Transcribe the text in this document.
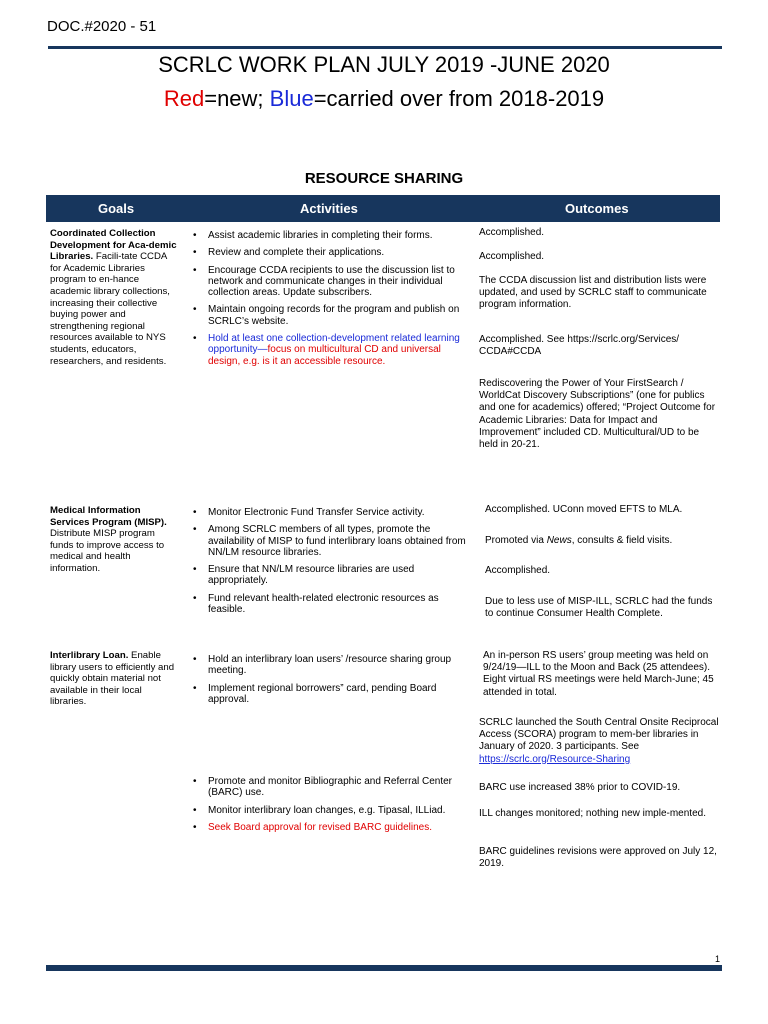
DOC.#2020 - 51
SCRLC WORK PLAN JULY 2019 -JUNE 2020
Red=new; Blue=carried over from 2018-2019
RESOURCE SHARING
Goals	Activities	Outcomes
Coordinated Collection Development for Aca-demic Libraries. Facili-tate CCDA for Academic Libraries program to en-hance academic library collections, increasing their collective buying power and strengthening regional resources available to NYS students, educators, researchers, and residents.
• Assist academic libraries in completing their forms.
• Review and complete their applications.
• Encourage CCDA recipients to use the discussion list to network and communicate changes in their individual collection areas. Update subscribers.
• Maintain ongoing records for the program and publish on SCRLC’s website.
• Hold at least one collection-development related learning opportunity—focus on multicultural CD and universal design, e.g. is it an accessible resource.
Accomplished.
Accomplished.
The CCDA discussion list and distribution lists were updated, and used by SCRLC staff to communicate program information.
Accomplished. See https://scrlc.org/Services/ CCDA#CCDA
Rediscovering the Power of Your FirstSearch / WorldCat Discovery Subscriptions” (one for publics and one for academics) offered; “Project Outcome for Academic Libraries: Data for Impact and Improvement” included CD. Multicultural/UD to be held in 20-21.
Medical Information Services Program (MISP). Distribute MISP program funds to improve access to medical and health information.
• Monitor Electronic Fund Transfer Service activity.
• Among SCRLC members of all types, promote the availability of MISP to fund interlibrary loans obtained from NN/LM resource libraries.
• Ensure that NN/LM resource libraries are used appropriately.
• Fund relevant health-related electronic resources as feasible.
Accomplished. UConn moved EFTS to MLA.
Promoted via News, consults & field visits.
Accomplished.
Due to less use of MISP-ILL, SCRLC had the funds to continue Consumer Health Complete.
Interlibrary Loan. Enable library users to efficiently and quickly obtain material not available in their local libraries.
• Hold an interlibrary loan users’ /resource sharing group meeting.
• Implement regional borrowers” card, pending Board approval.
• Promote and monitor Bibliographic and Referral Center (BARC) use.
• Monitor interlibrary loan changes, e.g. Tipasal, ILLiad.
• Seek Board approval for revised BARC guidelines.
An in-person RS users’ group meeting was held on 9/24/19—ILL to the Moon and Back (25 attendees). Eight virtual RS meetings were held March-June; 45 attended in total.
SCRLC launched the South Central Onsite Reciprocal Access (SCORA) program to mem-ber libraries in January of 2020. 3 participants. See https://scrlc.org/Resource-Sharing
BARC use increased 38% prior to COVID-19.
ILL changes monitored; nothing new imple-mented.
BARC guidelines revisions were approved on July 12, 2019.
1
